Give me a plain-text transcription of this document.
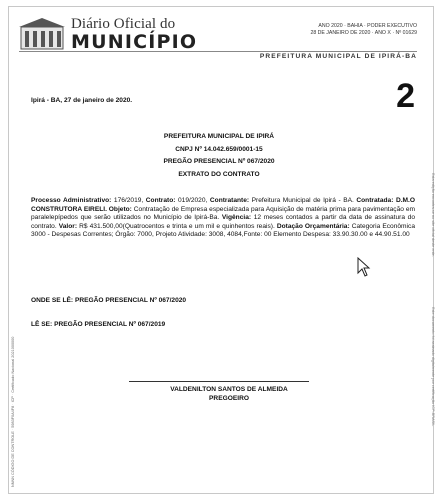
Diário Oficial do
MUNICÍPIO
ANO 2020 · BAHIA · PODER EXECUTIVO
28 DE JANEIRO DE 2020 · ANO X · Nº 01629
PREFEITURA MUNICIPAL DE IPIRÁ-BA
2
Ipirá - BA, 27 de janeiro de 2020.
PREFEITURA MUNICIPAL DE IPIRÁ
CNPJ Nº 14.042.659/0001-15
PREGÃO PRESENCIAL Nº 067/2020
EXTRATO DO CONTRATO
Processo Administrativo: 176/2019, Contrato: 019/2020, Contratante: Prefeitura Municipal de Ipirá - BA. Contratada: D.M.O CONSTRUTORA EIRELI. Objeto: Contratação de Empresa especializada para Aquisição de matéria prima para pavimentação em paralelepípedos que serão utilizados no Município de Ipirá-Ba. Vigência: 12 meses contados a partir da data de assinatura do contrato. Valor: R$ 431.500,00(Quatrocentos e trinta e um mil e quinhentos reais). Dotação Orçamentária: Categoria Econômica 3000 - Despesas Correntes; Órgão: 7000, Projeto Atividade: 3008, 4084,Fonte: 00 Elemento Despesa: 33.90.30.00 e 44.90.51.00
ONDE SE LÊ: PREGÃO PRESENCIAL Nº 067/2020
LÊ SE: PREGÃO PRESENCIAL Nº 067/2019
VALDENILTON SANTOS DE ALMEIDA
PREGOEIRO
NNNN CÓDIGO DE CONTROLE · 5983F0A4F8 · ICP · Certificado Nacional 2021000000
Esta edição encontra-se no site oficial deste ente.
Este documento foi assinado digitalmente por certificação ICP-BRASIL
